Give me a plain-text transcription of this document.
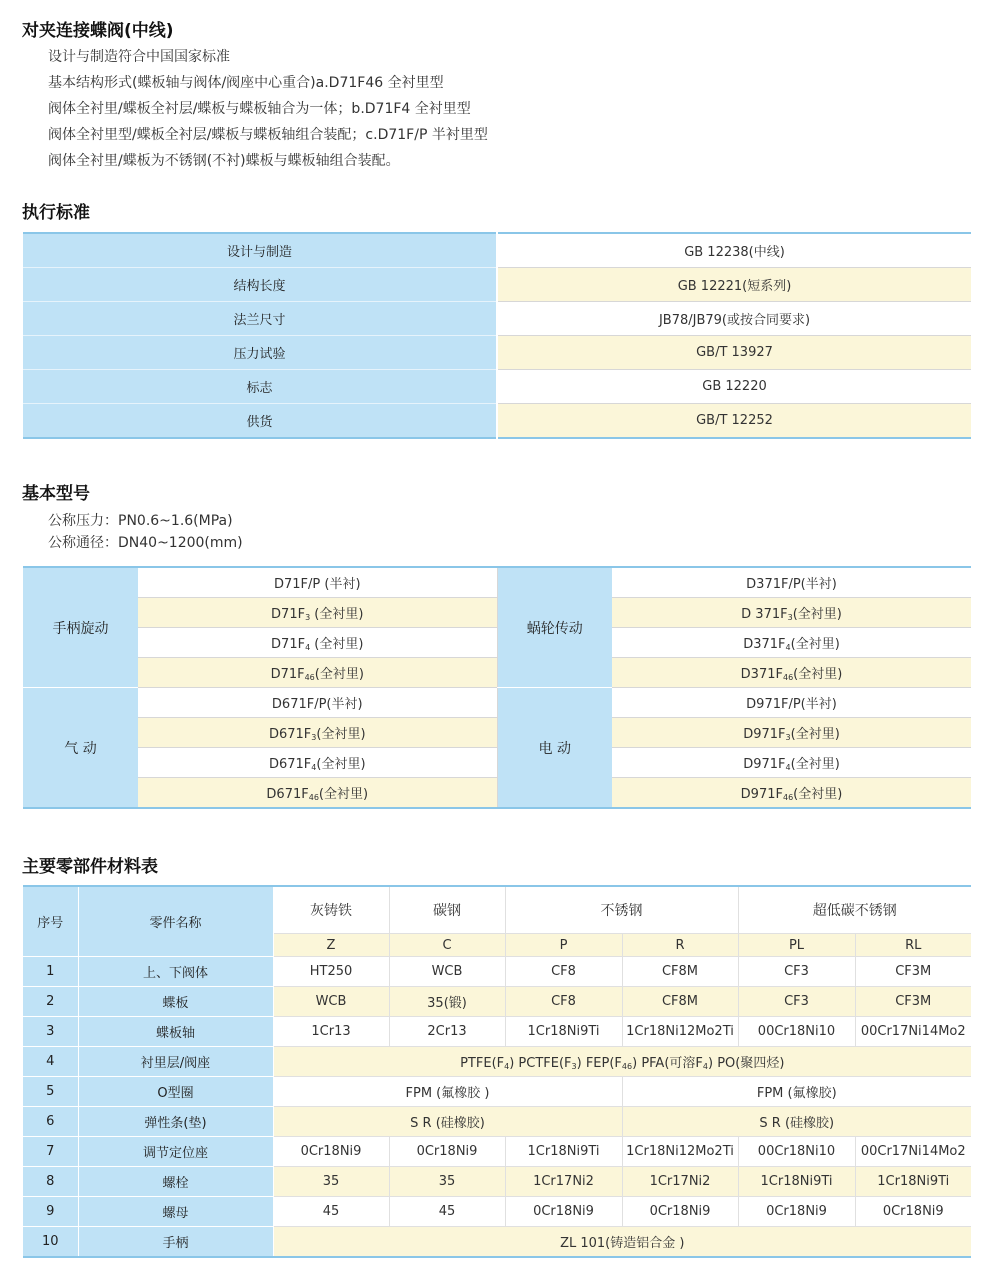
对夹连接蝶阀(中线)
设计与制造符合中国国家标准
基本结构形式(蝶板轴与阀体/阀座中心重合)a.D71F46 全衬里型
阀体全衬里/蝶板全衬层/蝶板与蝶板轴合为一体；b.D71F4 全衬里型
阀体全衬里型/蝶板全衬层/蝶板与蝶板轴组合装配；c.D71F/P 半衬里型
阀体全衬里/蝶板为不锈钢(不衬)蝶板与蝶板轴组合装配。
执行标准
设计与制造	GB 12238(中线)
结构长度	GB 12221(短系列)
法兰尺寸	JB78/JB79(或按合同要求)
压力试验	GB/T 13927
标志	GB 12220
供货	GB/T 12252
基本型号
公称压力：PN0.6~1.6(MPa)
公称通径：DN40~1200(mm)
手柄旋动	D71F/P (半衬)	蜗轮传动	D371F/P(半衬)
	$D71F_3$ (全衬里)		D $371F_3$(全衬里)
	$D71F_4$ (全衬里)		$D371F_4$(全衬里)
	$D71F_{46}$(全衬里)		$D371F_{46}$(全衬里)
气 动	D671F/P(半衬)	电 动	D971F/P(半衬)
	$D671F_3$(全衬里)		$D971F_3$(全衬里)
	$D671F_4$(全衬里)		$D971F_4$(全衬里)
	$D671F_{46}$(全衬里)		$D971F_{46}$(全衬里)
主要零部件材料表
序号	零件名称	灰铸铁	碳钢	不锈钢		超低碳不锈钢	
		Z	C	P	R	PL	RL
1	上、下阀体	HT250	WCB	CF8	CF8M	CF3	CF3M
2	蝶板	WCB	35(锻)	CF8	CF8M	CF3	CF3M
3	蝶板轴	1Cr13	2Cr13	1Cr18Ni9Ti	1Cr18Ni12Mo2Ti	00Cr18Ni10	00Cr17Ni14Mo2
4	衬里层/阀座	$PTFE(F_4)$ $PCTFE(F_3)$ $FEP(F_{46})$ PFA(可溶$F_4$) PO(聚四烃)					
5	O型圈	FPM (氟橡胶 )			FPM (氟橡胶)		
6	弹性条(垫)	S R (硅橡胶)			S R (硅橡胶)		
7	调节定位座	0Cr18Ni9	0Cr18Ni9	1Cr18Ni9Ti	1Cr18Ni12Mo2Ti	00Cr18Ni10	00Cr17Ni14Mo2
8	螺栓	35	35	1Cr17Ni2	1Cr17Ni2	1Cr18Ni9Ti	1Cr18Ni9Ti
9	螺母	45	45	0Cr18Ni9	0Cr18Ni9	0Cr18Ni9	0Cr18Ni9
10	手柄	ZL 101(铸造铝合金 )					
